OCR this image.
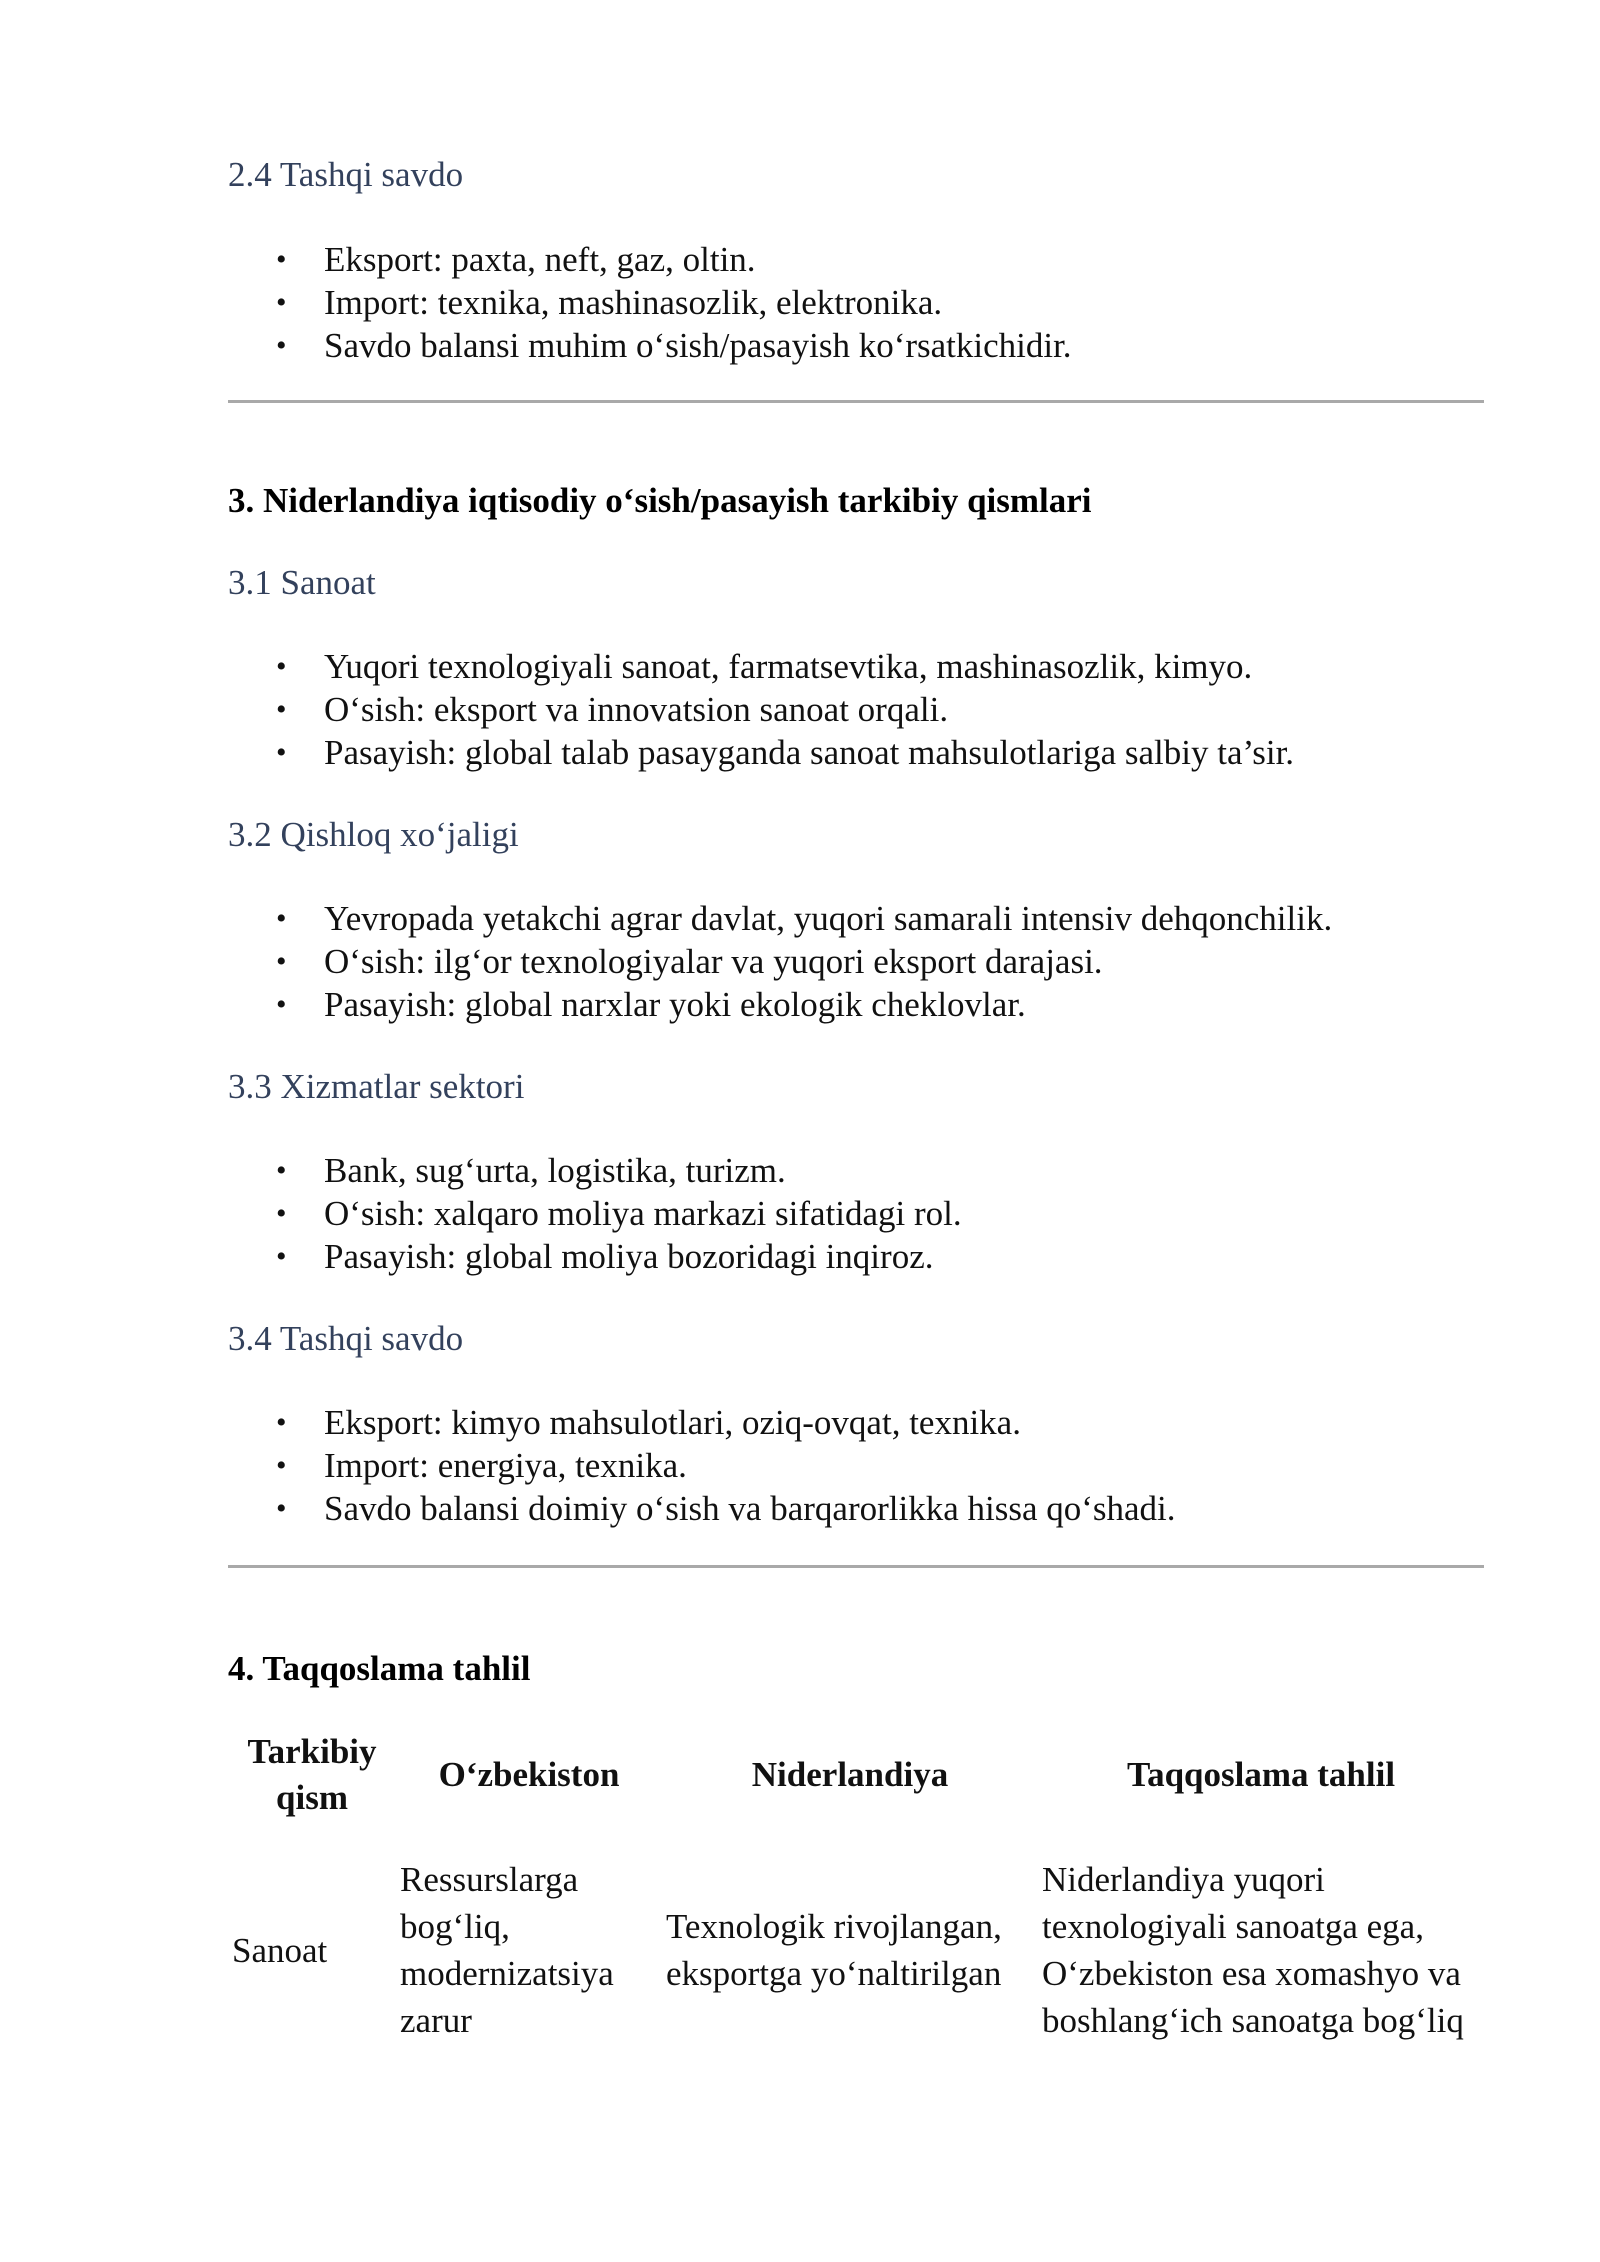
2.4 Tashqi savdo
• Eksport: paxta, neft, gaz, oltin.
• Import: texnika, mashinasozlik, elektronika.
• Savdo balansi muhim o‘sish/pasayish ko‘rsatkichidir.
3. Niderlandiya iqtisodiy o‘sish/pasayish tarkibiy qismlari
3.1 Sanoat
• Yuqori texnologiyali sanoat, farmatsevtika, mashinasozlik, kimyo.
• O‘sish: eksport va innovatsion sanoat orqali.
• Pasayish: global talab pasayganda sanoat mahsulotlariga salbiy ta’sir.
3.2 Qishloq xo‘jaligi
• Yevropada yetakchi agrar davlat, yuqori samarali intensiv dehqonchilik.
• O‘sish: ilg‘or texnologiyalar va yuqori eksport darajasi.
• Pasayish: global narxlar yoki ekologik cheklovlar.
3.3 Xizmatlar sektori
• Bank, sug‘urta, logistika, turizm.
• O‘sish: xalqaro moliya markazi sifatidagi rol.
• Pasayish: global moliya bozoridagi inqiroz.
3.4 Tashqi savdo
• Eksport: kimyo mahsulotlari, oziq-ovqat, texnika.
• Import: energiya, texnika.
• Savdo balansi doimiy o‘sish va barqarorlikka hissa qo‘shadi.
4. Taqqoslama tahlil
Tarkibiy qism	O‘zbekiston	Niderlandiya	Taqqoslama tahlil
Sanoat	Ressurslarga bog‘liq, modernizatsiya zarur	Texnologik rivojlangan, eksportga yo‘naltirilgan	Niderlandiya yuqori texnologiyali sanoatga ega, O‘zbekiston esa xomashyo va boshlang‘ich sanoatga bog‘liq
